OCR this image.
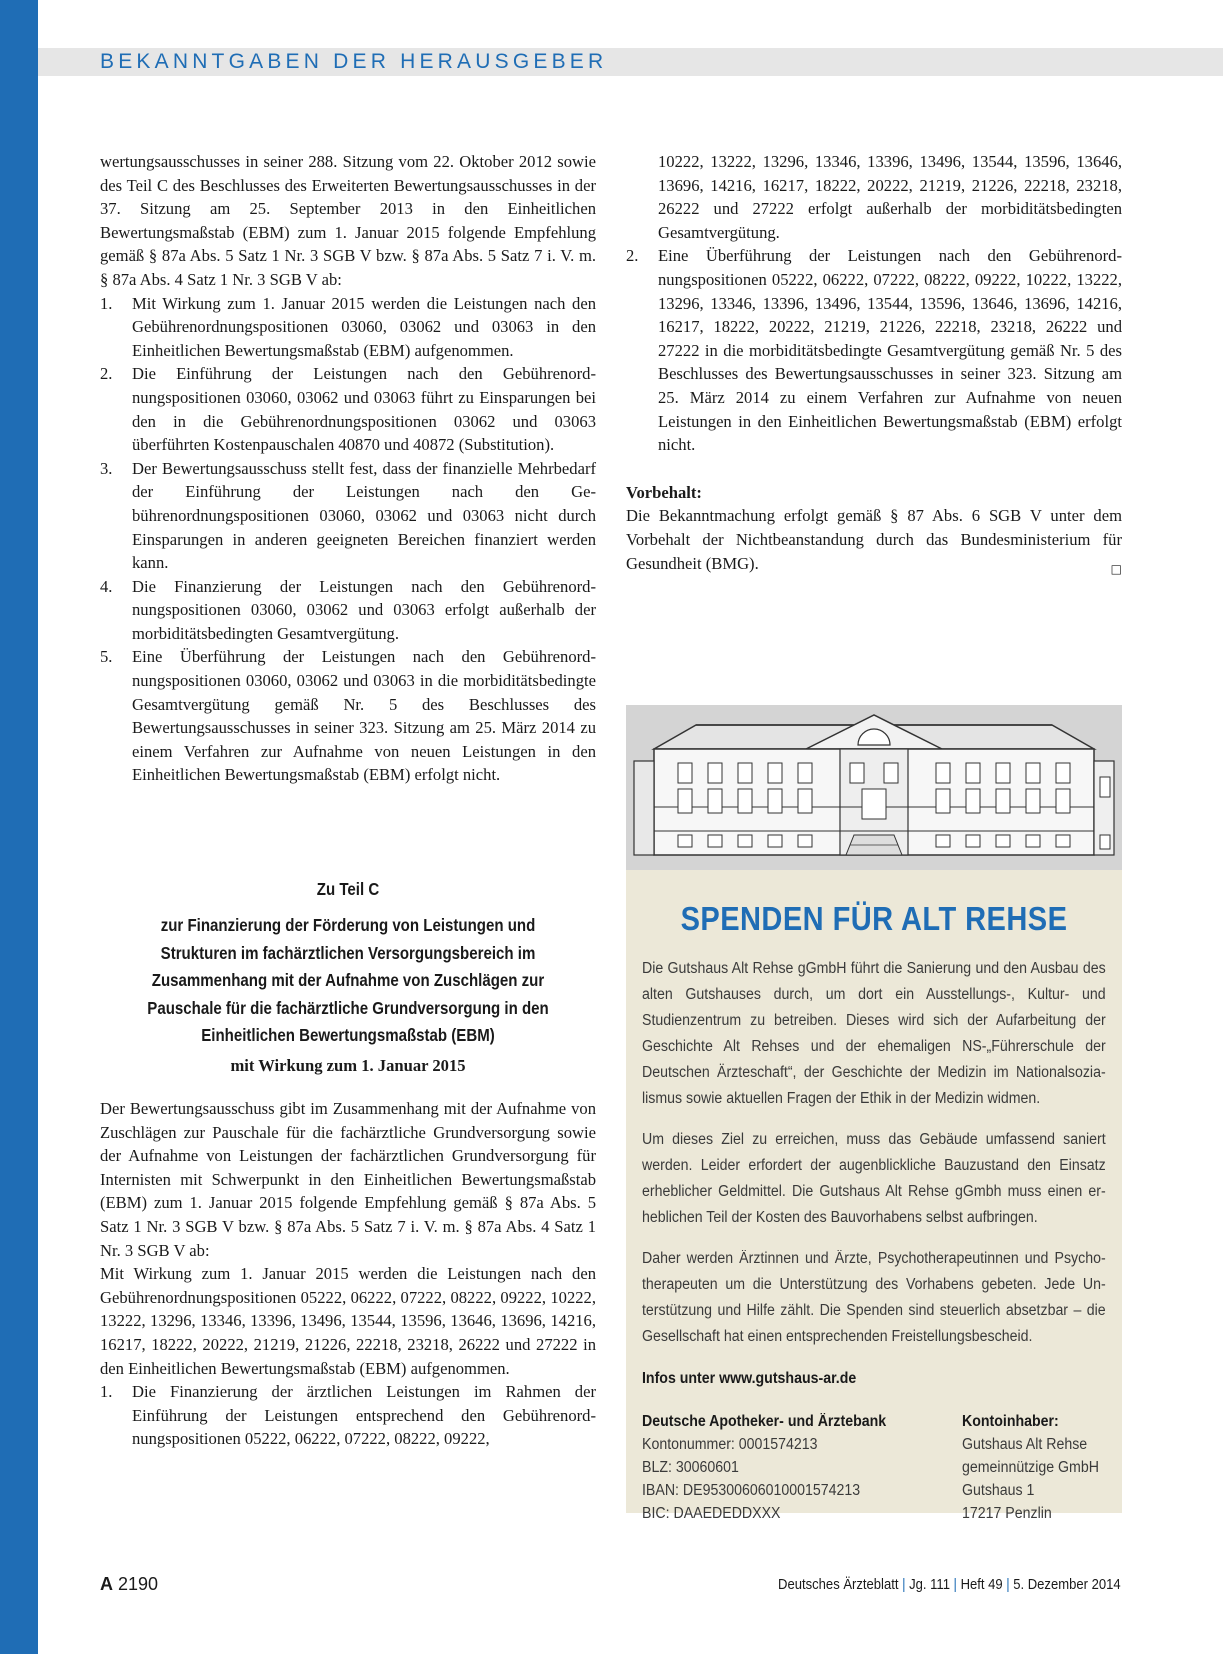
BEKANNTGABEN DER HERAUSGEBER

wertungsausschusses in seiner 288. Sitzung vom 22. Oktober 2012 sowie des Teil C des Beschlusses des Erweiterten Bewertungsausschusses in der 37. Sitzung am 25. September 2013 in den Einheitlichen Bewertungsmaßstab (EBM) zum 1. Januar 2015 folgende Empfehlung gemäß § 87a Abs. 5 Satz 1 Nr. 3 SGB V bzw. § 87a Abs. 5 Satz 7 i. V. m. § 87a Abs. 4 Satz 1 Nr. 3 SGB V ab:

1.	Mit Wirkung zum 1. Januar 2015 werden die Leistungen nach den Gebührenordnungspositionen 03060, 03062 und 03063 in den Einheitlichen Bewertungsmaßstab (EBM) aufgenommen.
2.	Die Einführung der Leistungen nach den Gebührenordnungspositionen 03060, 03062 und 03063 führt zu Einsparungen bei den in die Gebührenordnungspositionen 03062 und 03063 überführten Kostenpauschalen 40870 und 40872 (Substitution).
3.	Der Bewertungsausschuss stellt fest, dass der finanzielle Mehrbedarf der Einführung der Leistungen nach den Gebührenordnungspositionen 03060, 03062 und 03063 nicht durch Einsparungen in anderen geeigneten Bereichen finanziert werden kann.
4.	Die Finanzierung der Leistungen nach den Gebührenordnungspositionen 03060, 03062 und 03063 erfolgt außerhalb der morbiditätsbedingten Gesamtvergütung.
5.	Eine Überführung der Leistungen nach den Gebührenordnungspositionen 03060, 03062 und 03063 in die morbiditätsbedingte Gesamtvergütung gemäß Nr. 5 des Beschlusses des Bewertungsausschusses in seiner 323. Sitzung am 25. März 2014 zu einem Verfahren zur Aufnahme von neuen Leistungen in den Einheitlichen Bewertungsmaßstab (EBM) erfolgt nicht.
Zu Teil C
zur Finanzierung der Förderung von Leistungen und Strukturen im fachärztlichen Versorgungsbereich im Zusammenhang mit der Aufnahme von Zuschlägen zur Pauschale für die fachärztliche Grundversorgung in den Einheitlichen Bewertungsmaßstab (EBM)
mit Wirkung zum 1. Januar 2015

Der Bewertungsausschuss gibt im Zusammenhang mit der Aufnahme von Zuschlägen zur Pauschale für die fachärztliche Grundversorgung sowie der Aufnahme von Leistungen der fachärztlichen Grundversorgung für Internisten mit Schwerpunkt in den Einheitlichen Bewertungsmaßstab (EBM) zum 1. Januar 2015 folgende Empfehlung gemäß § 87a Abs. 5 Satz 1 Nr. 3 SGB V bzw. § 87a Abs. 5 Satz 7 i. V. m. § 87a Abs. 4 Satz 1 Nr. 3 SGB V ab:

Mit Wirkung zum 1. Januar 2015 werden die Leistungen nach den Gebührenordnungspositionen 05222, 06222, 07222, 08222, 09222, 10222, 13222, 13296, 13346, 13396, 13496, 13544, 13596, 13646, 13696, 14216, 16217, 18222, 20222, 21219, 21226, 22218, 23218, 26222 und 27222 in den Einheitlichen Bewertungsmaßstab (EBM) aufgenommen.

1.	Die Finanzierung der ärztlichen Leistungen im Rahmen der Einführung der Leistungen entsprechend den Gebührenordnungspositionen 05222, 06222, 07222, 08222, 09222,
10222, 13222, 13296, 13346, 13396, 13496, 13544, 13596, 13646, 13696, 14216, 16217, 18222, 20222, 21219, 21226, 22218, 23218, 26222 und 27222 erfolgt außerhalb der morbiditätsbedingten Gesamtvergütung.
2.	Eine Überführung der Leistungen nach den Gebührenordnungspositionen 05222, 06222, 07222, 08222, 09222, 10222, 13222, 13296, 13346, 13396, 13496, 13544, 13596, 13646, 13696, 14216, 16217, 18222, 20222, 21219, 21226, 22218, 23218, 26222 und 27222 in die morbiditätsbedingte Gesamtvergütung gemäß Nr. 5 des Beschlusses des Bewertungsausschusses in seiner 323. Sitzung am 25. März 2014 zu einem Verfahren zur Aufnahme von neuen Leistungen in den Einheitlichen Bewertungsmaßstab (EBM) erfolgt nicht.

Vorbehalt:

Die Bekanntmachung erfolgt gemäß § 87 Abs. 6 SGB V unter dem Vorbehalt der Nichtbeanstandung durch das Bundesministerium für Gesundheit (BMG).	□

SPENDEN FÜR ALT REHSE
Die Gutshaus Alt Rehse gGmbH führt die Sanierung und den Ausbau des alten Gutshauses durch, um dort ein Ausstellungs-, Kultur- und Studienzentrum zu betreiben. Dieses wird sich der Aufarbeitung der Geschichte Alt Rehses und der ehemaligen NS-„Führerschule der Deutschen Ärzteschaft“, der Geschichte der Medizin im Nationalsozialismus sowie aktuellen Fragen der Ethik in der Medizin widmen.
Um dieses Ziel zu erreichen, muss das Gebäude umfassend saniert werden. Leider erfordert der augenblickliche Bauzustand den Einsatz erheblicher Geldmittel. Die Gutshaus Alt Rehse gGmbh muss einen erheblichen Teil der Kosten des Bauvorhabens selbst aufbringen.
Daher werden Ärztinnen und Ärzte, Psychotherapeutinnen und Psychotherapeuten um die Unterstützung des Vorhabens gebeten. Jede Unterstützung und Hilfe zählt. Die Spenden sind steuerlich absetzbar – die Gesellschaft hat einen entsprechenden Freistellungsbescheid.
Infos unter www.gutshaus-ar.de
Deutsche Apotheker- und Ärztebank
Kontonummer: 0001574213
BLZ: 30060601
IBAN: DE95300606010001574213
BIC: DAAEDEDDXXX
Kontoinhaber:
Gutshaus Alt Rehse
gemeinnützige GmbH
Gutshaus 1
17217 Penzlin
A 2190	Deutsches Ärzteblatt | Jg. 111 | Heft 49 | 5. Dezember 2014
